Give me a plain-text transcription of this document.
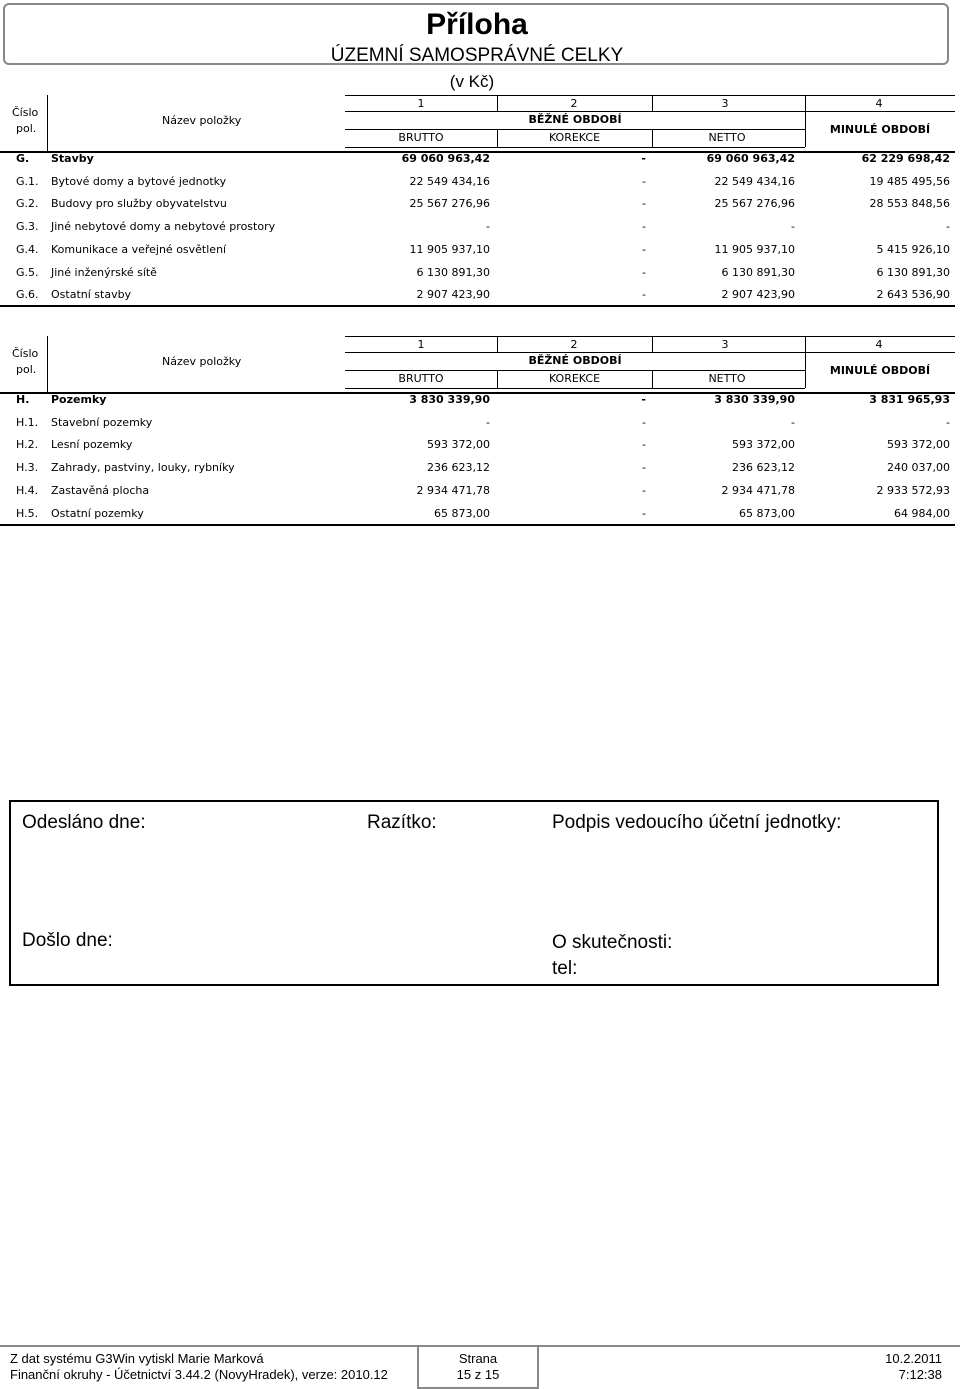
Příloha
ÚZEMNÍ SAMOSPRÁVNÉ CELKY
(v Kč)
Číslo
pol.
Název položky
1	2	3	4
BĚŽNÉ OBDOBÍ
MINULÉ OBDOBÍ
BRUTTO	KOREKCE	NETTO
G. Stavby	69 060 963,42	-	69 060 963,42	62 229 698,42
G.1. Bytové domy a bytové jednotky	22 549 434,16	-	22 549 434,16	19 485 495,56
G.2. Budovy pro služby obyvatelstvu	25 567 276,96	-	25 567 276,96	28 553 848,56
G.3. Jiné nebytové domy a nebytové prostory	-	-	-	-
G.4. Komunikace a veřejné osvětlení	11 905 937,10	-	11 905 937,10	5 415 926,10
G.5. Jiné inženýrské sítě	6 130 891,30	-	6 130 891,30	6 130 891,30
G.6. Ostatní stavby	2 907 423,90	-	2 907 423,90	2 643 536,90
Číslo
pol.
Název položky
1	2	3	4
BĚŽNÉ OBDOBÍ
MINULÉ OBDOBÍ
BRUTTO	KOREKCE	NETTO
H. Pozemky	3 830 339,90	-	3 830 339,90	3 831 965,93
H.1. Stavební pozemky	-	-	-	-
H.2. Lesní pozemky	593 372,00	-	593 372,00	593 372,00
H.3. Zahrady, pastviny, louky, rybníky	236 623,12	-	236 623,12	240 037,00
H.4. Zastavěná plocha	2 934 471,78	-	2 934 471,78	2 933 572,93
H.5. Ostatní pozemky	65 873,00	-	65 873,00	64 984,00
Odesláno dne:	Razítko:	Podpis vedoucího účetní jednotky:
Došlo dne:	O skutečnosti:
tel:
Z dat systému G3Win vytiskl Marie Marková
Finanční okruhy - Účetnictví 3.44.2 (NovyHradek), verze: 2010.12
Strana
15 z 15
10.2.2011
7:12:38
